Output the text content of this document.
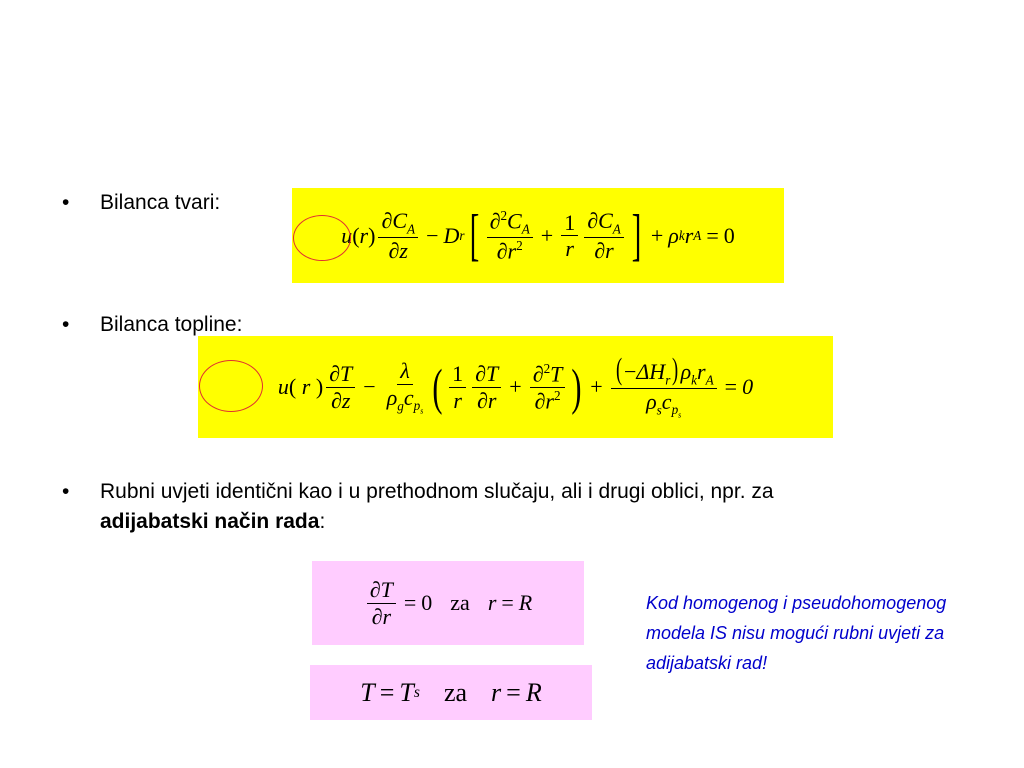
• Bilanca tvari:
u ( r ) $\frac{\partial C_A}{\partial z} - D$ r [ $\frac{\partial^2C_A}{\partial r^2} + \frac{1}{r} \frac{\partial C_A}{\partial r}$ ] + ρ k r A = 0
• Bilanca topline:
u ( r ) $\frac{\partial T}{\partial z} - \frac{\lambda}{\rho_gc_{p_s}}$ ( $\frac{1}{r} \frac{\partial T}{\partial r} + \frac{\partial^2T}{\partial r^2}$ ) + $\frac{(-\Delta H_r)\rho_kr_A}{\rho_sc_{p_s}} = 0$
• Rubni uvjeti identični kao i u prethodnom slučaju, ali i drugi oblici, npr. za adijabatski način rada:
$\frac{\partial T}{\partial r} = 0$ za r = R
T = T s za r = R
Kod homogenog i pseudohomogenog modela IS nisu mogući rubni uvjeti za adijabatski rad!
